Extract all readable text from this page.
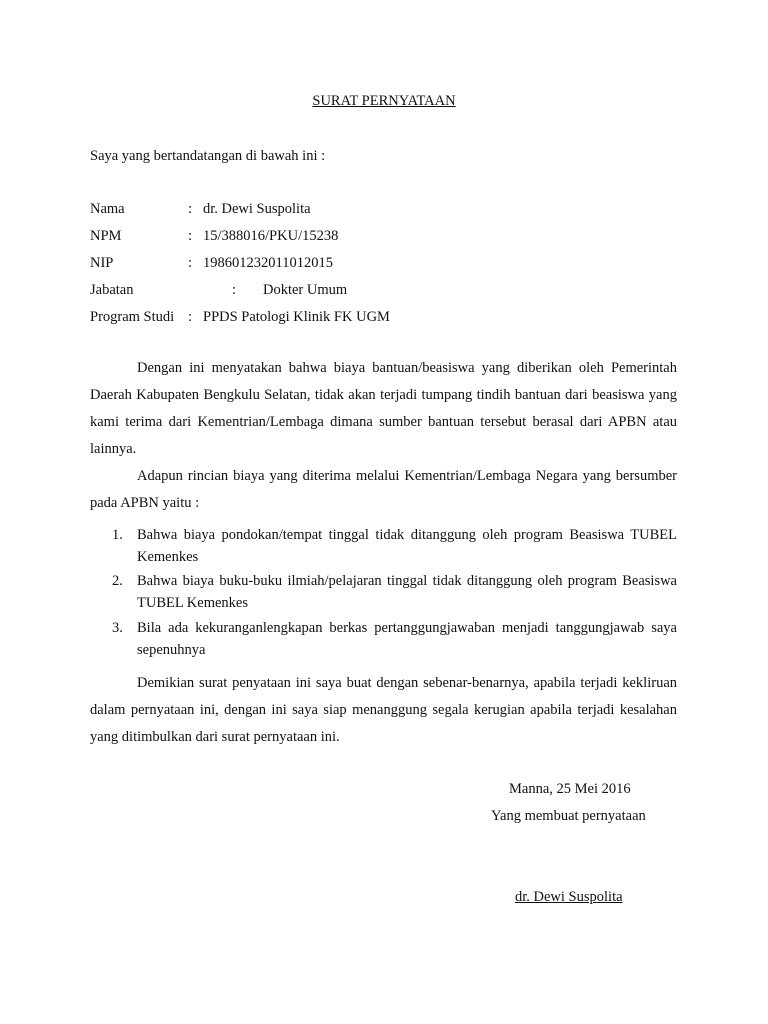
SURAT PERNYATAAN
Saya yang bertandatangan di bawah ini :
Nama	: dr. Dewi Suspolita
NPM	: 15/388016/PKU/15238
NIP	: 198601232011012015
Jabatan	: Dokter Umum
Program Studi : PPDS Patologi Klinik FK UGM

Dengan ini menyatakan bahwa biaya bantuan/beasiswa yang diberikan oleh Pemerintah Daerah Kabupaten Bengkulu Selatan, tidak akan terjadi tumpang tindih bantuan dari beasiswa yang kami terima dari Kementrian/Lembaga dimana sumber bantuan tersebut berasal dari APBN atau lainnya.

Adapun rincian biaya yang diterima melalui Kementrian/Lembaga Negara yang bersumber pada APBN yaitu :

1. Bahwa biaya pondokan/tempat tinggal tidak ditanggung oleh program Beasiswa TUBEL Kemenkes
2. Bahwa biaya buku-buku ilmiah/pelajaran tinggal tidak ditanggung oleh program Beasiswa TUBEL Kemenkes
3. Bila ada kekuranganlengkapan berkas pertanggungjawaban menjadi tanggungjawab saya sepenuhnya

Demikian surat penyataan ini saya buat dengan sebenar-benarnya, apabila terjadi kekliruan dalam pernyataan ini, dengan ini saya siap menanggung segala kerugian apabila terjadi kesalahan yang ditimbulkan dari surat pernyataan ini.

Manna, 25 Mei 2016
Yang membuat pernyataan
dr. Dewi Suspolita
